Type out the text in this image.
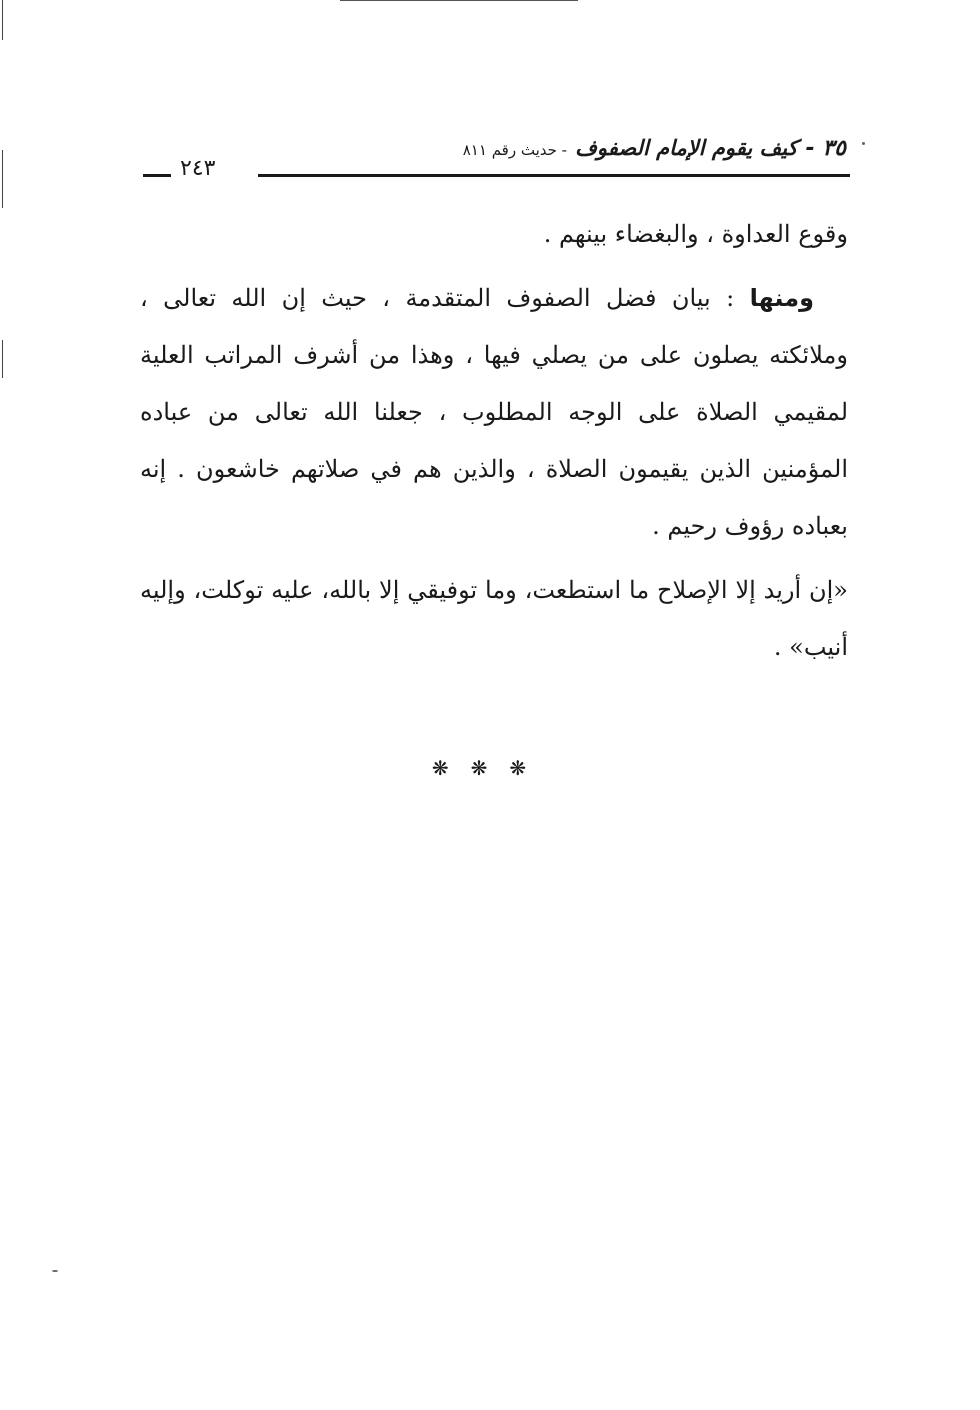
٣٥ -
كيف يقوم الإمام الصفوف
- حديث رقم ٨١١
٢٤٣

وقوع العداوة ، والبغضاء بينهم .

ومنها : بيان فضل الصفوف المتقدمة ، حيث إن الله تعالى ، وملائكته يصلون على من يصلي فيها ، وهذا من أشرف المراتب العلية لمقيمي الصلاة على الوجه المطلوب ، جعلنا الله تعالى من عباده المؤمنين الذين يقيمون الصلاة ، والذين هم في صلاتهم خاشعون . إنه بعباده رؤوف رحيم .

«إن أريد إلا الإصلاح ما استطعت، وما توفيقي إلا بالله، عليه توكلت، وإليه أنيب» .

❋❋❋
